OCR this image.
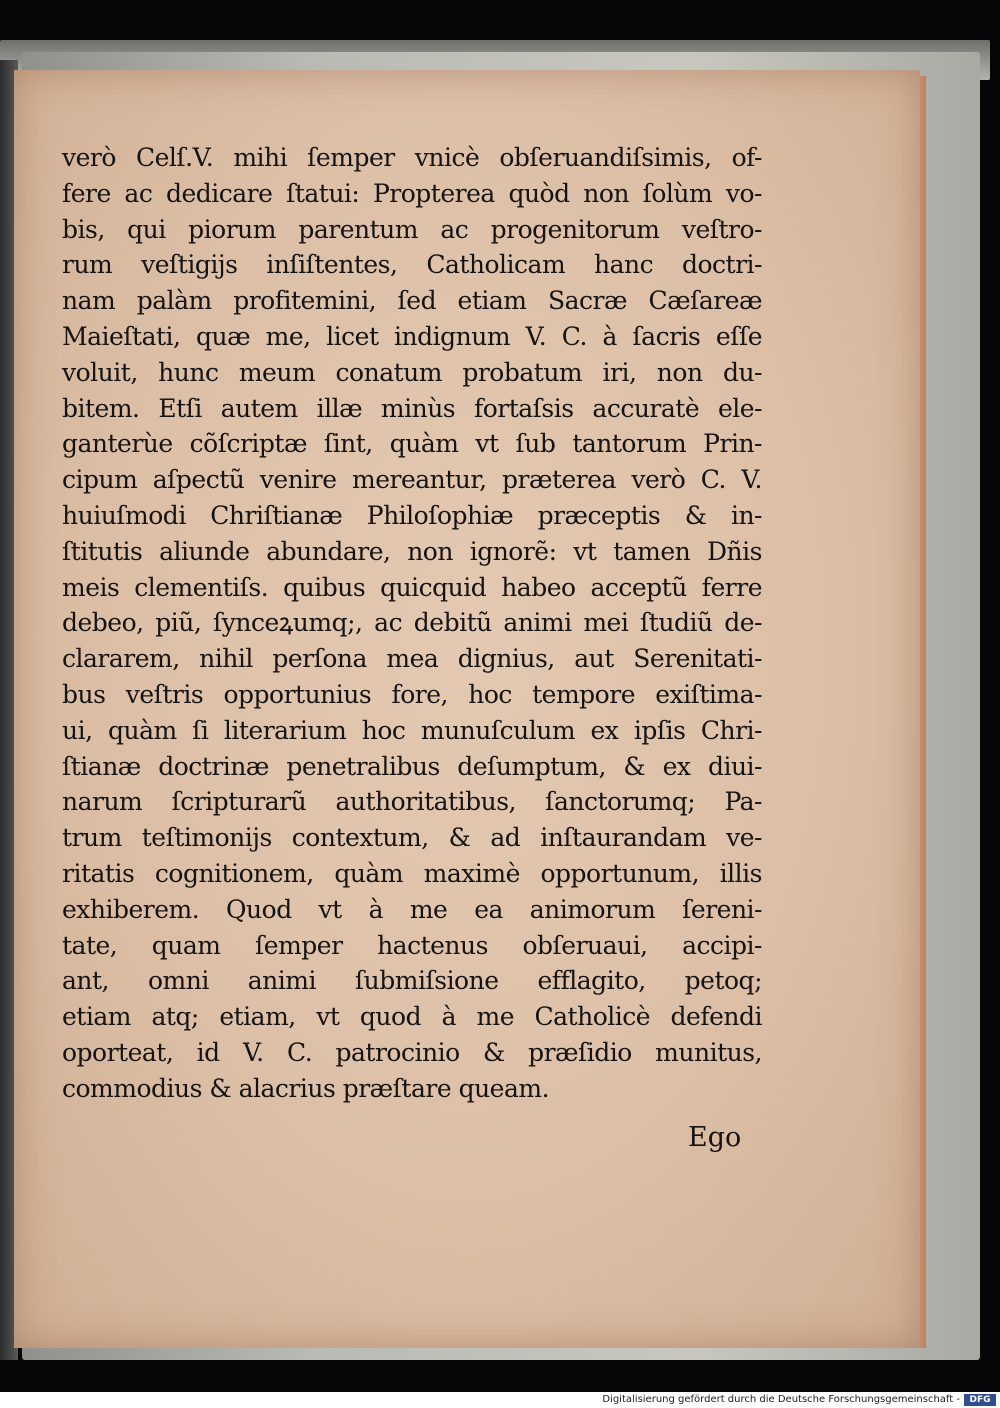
verò Celſ.V. mihi ſemper vnicè obſeruandiſsimis, of-
fere ac dedicare ſtatui: Propterea quòd non ſolùm vo-
bis, qui piorum parentum ac progenitorum veſtro-
rum veſtigijs inſiſtentes, Catholicam hanc doctri-
nam palàm profitemini, ſed etiam Sacræ Cæſareæ
Maieſtati, quæ me, licet indignum V. C. à ſacris eſſe
voluit, hunc meum conatum probatum iri, non du-
bitem. Etſi autem illæ minùs fortaſsis accuratè ele-
ganterùe cõſcriptæ ſint, quàm vt ſub tantorum Prin-
cipum aſpectũ venire mereantur, prætereа verò C. V.
huiuſmodi Chriſtianæ Philoſophiæ præceptis & in-
ſtitutis aliunde abundare, non ignorẽ: vt tamen Dñis
meis clementiſs. quibus quicquid habeo acceptũ ferre
debeo, piũ, ſynceꝝumq;, ac debitũ animi mei ſtudiũ de-
clararem, nihil perſona mea dignius, aut Serenitati-
bus veſtris opportunius fore, hoc tempore exiſtima-
ui, quàm ſi literarium hoc munuſculum ex ipſis Chri-
ſtianæ doctrinæ penetralibus deſumptum, & ex diui-
narum ſcripturarũ authoritatibus, ſanctorumq; Pa-
trum teſtimonijs contextum, & ad inſtaurandam ve-
ritatis cognitionem, quàm maximè opportunum, illis
exhiberem. Quod vt à me ea animorum ſereni-
tate, quam ſemper hactenus obſeruaui, accipi-
ant, omni animi ſubmiſsione efflagito, petoq;
etiam atq; etiam, vt quod à me Catholicè defendi
oporteat, id V. C. patrocinio & præſidio munitus,
commodius & alacrius præſtare queam.
Ego
Digitalisierung gefördert durch die Deutsche Forschungsgemeinschaft -	DFG
